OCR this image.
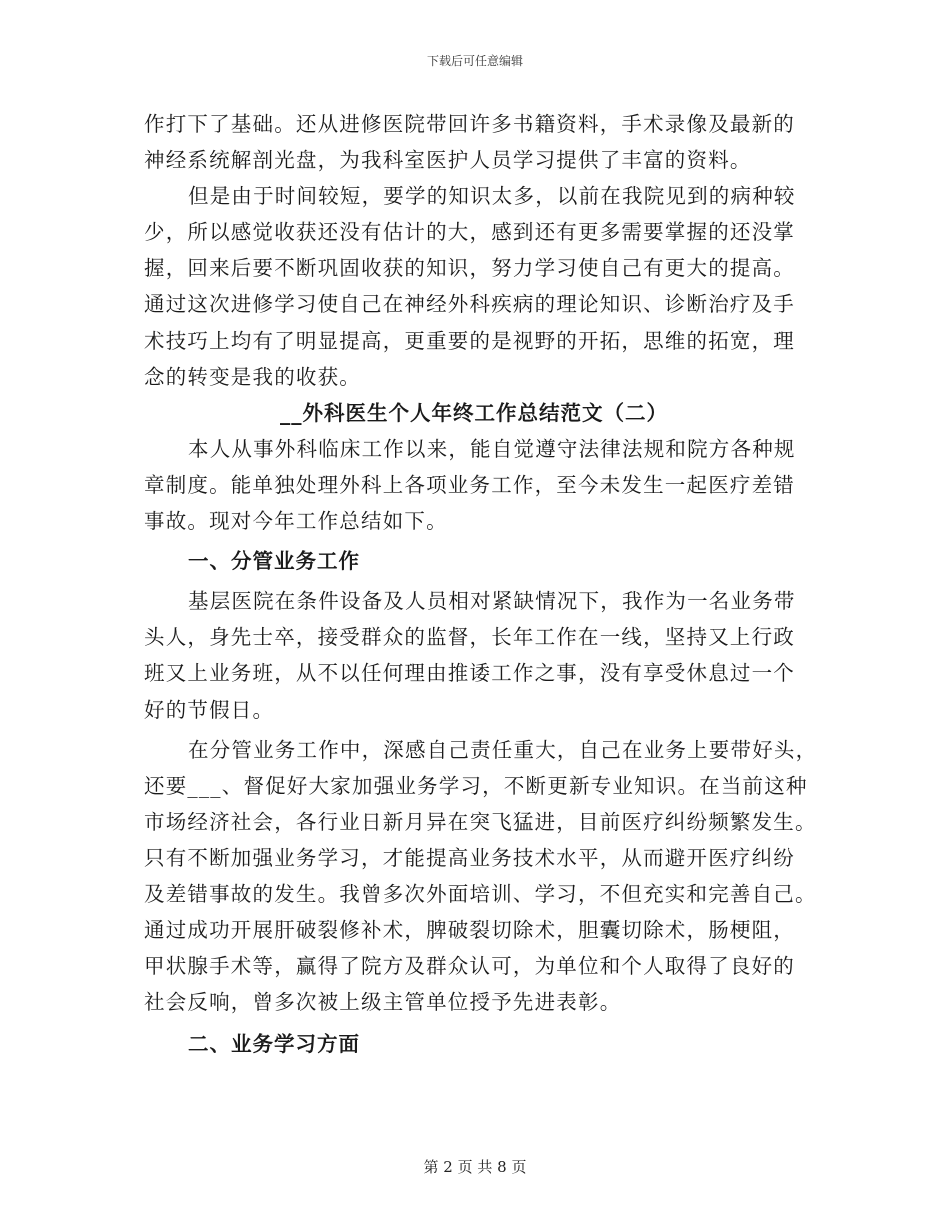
下载后可任意编辑
作打下了基础。还从进修医院带回许多书籍资料，手术录像及最新的
神经系统解剖光盘，为我科室医护人员学习提供了丰富的资料。
但是由于时间较短，要学的知识太多，以前在我院见到的病种较
少，所以感觉收获还没有估计的大，感到还有更多需要掌握的还没掌
握，回来后要不断巩固收获的知识，努力学习使自己有更大的提高。
通过这次进修学习使自己在神经外科疾病的理论知识、诊断治疗及手
术技巧上均有了明显提高，更重要的是视野的开拓，思维的拓宽，理
念的转变是我的收获。
__外科医生个人年终工作总结范文（二）
本人从事外科临床工作以来，能自觉遵守法律法规和院方各种规
章制度。能单独处理外科上各项业务工作，至今未发生一起医疗差错
事故。现对今年工作总结如下。
一、分管业务工作
基层医院在条件设备及人员相对紧缺情况下，我作为一名业务带
头人，身先士卒，接受群众的监督，长年工作在一线，坚持又上行政
班又上业务班，从不以任何理由推诿工作之事，没有享受休息过一个
好的节假日。
在分管业务工作中，深感自己责任重大，自己在业务上要带好头，
还要___、督促好大家加强业务学习，不断更新专业知识。在当前这种
市场经济社会，各行业日新月异在突飞猛进，目前医疗纠纷频繁发生。
只有不断加强业务学习，才能提高业务技术水平，从而避开医疗纠纷
及差错事故的发生。我曾多次外面培训、学习，不但充实和完善自己。
通过成功开展肝破裂修补术，脾破裂切除术，胆囊切除术，肠梗阻，
甲状腺手术等，赢得了院方及群众认可，为单位和个人取得了良好的
社会反响，曾多次被上级主管单位授予先进表彰。
二、业务学习方面
第 2 页 共 8 页
